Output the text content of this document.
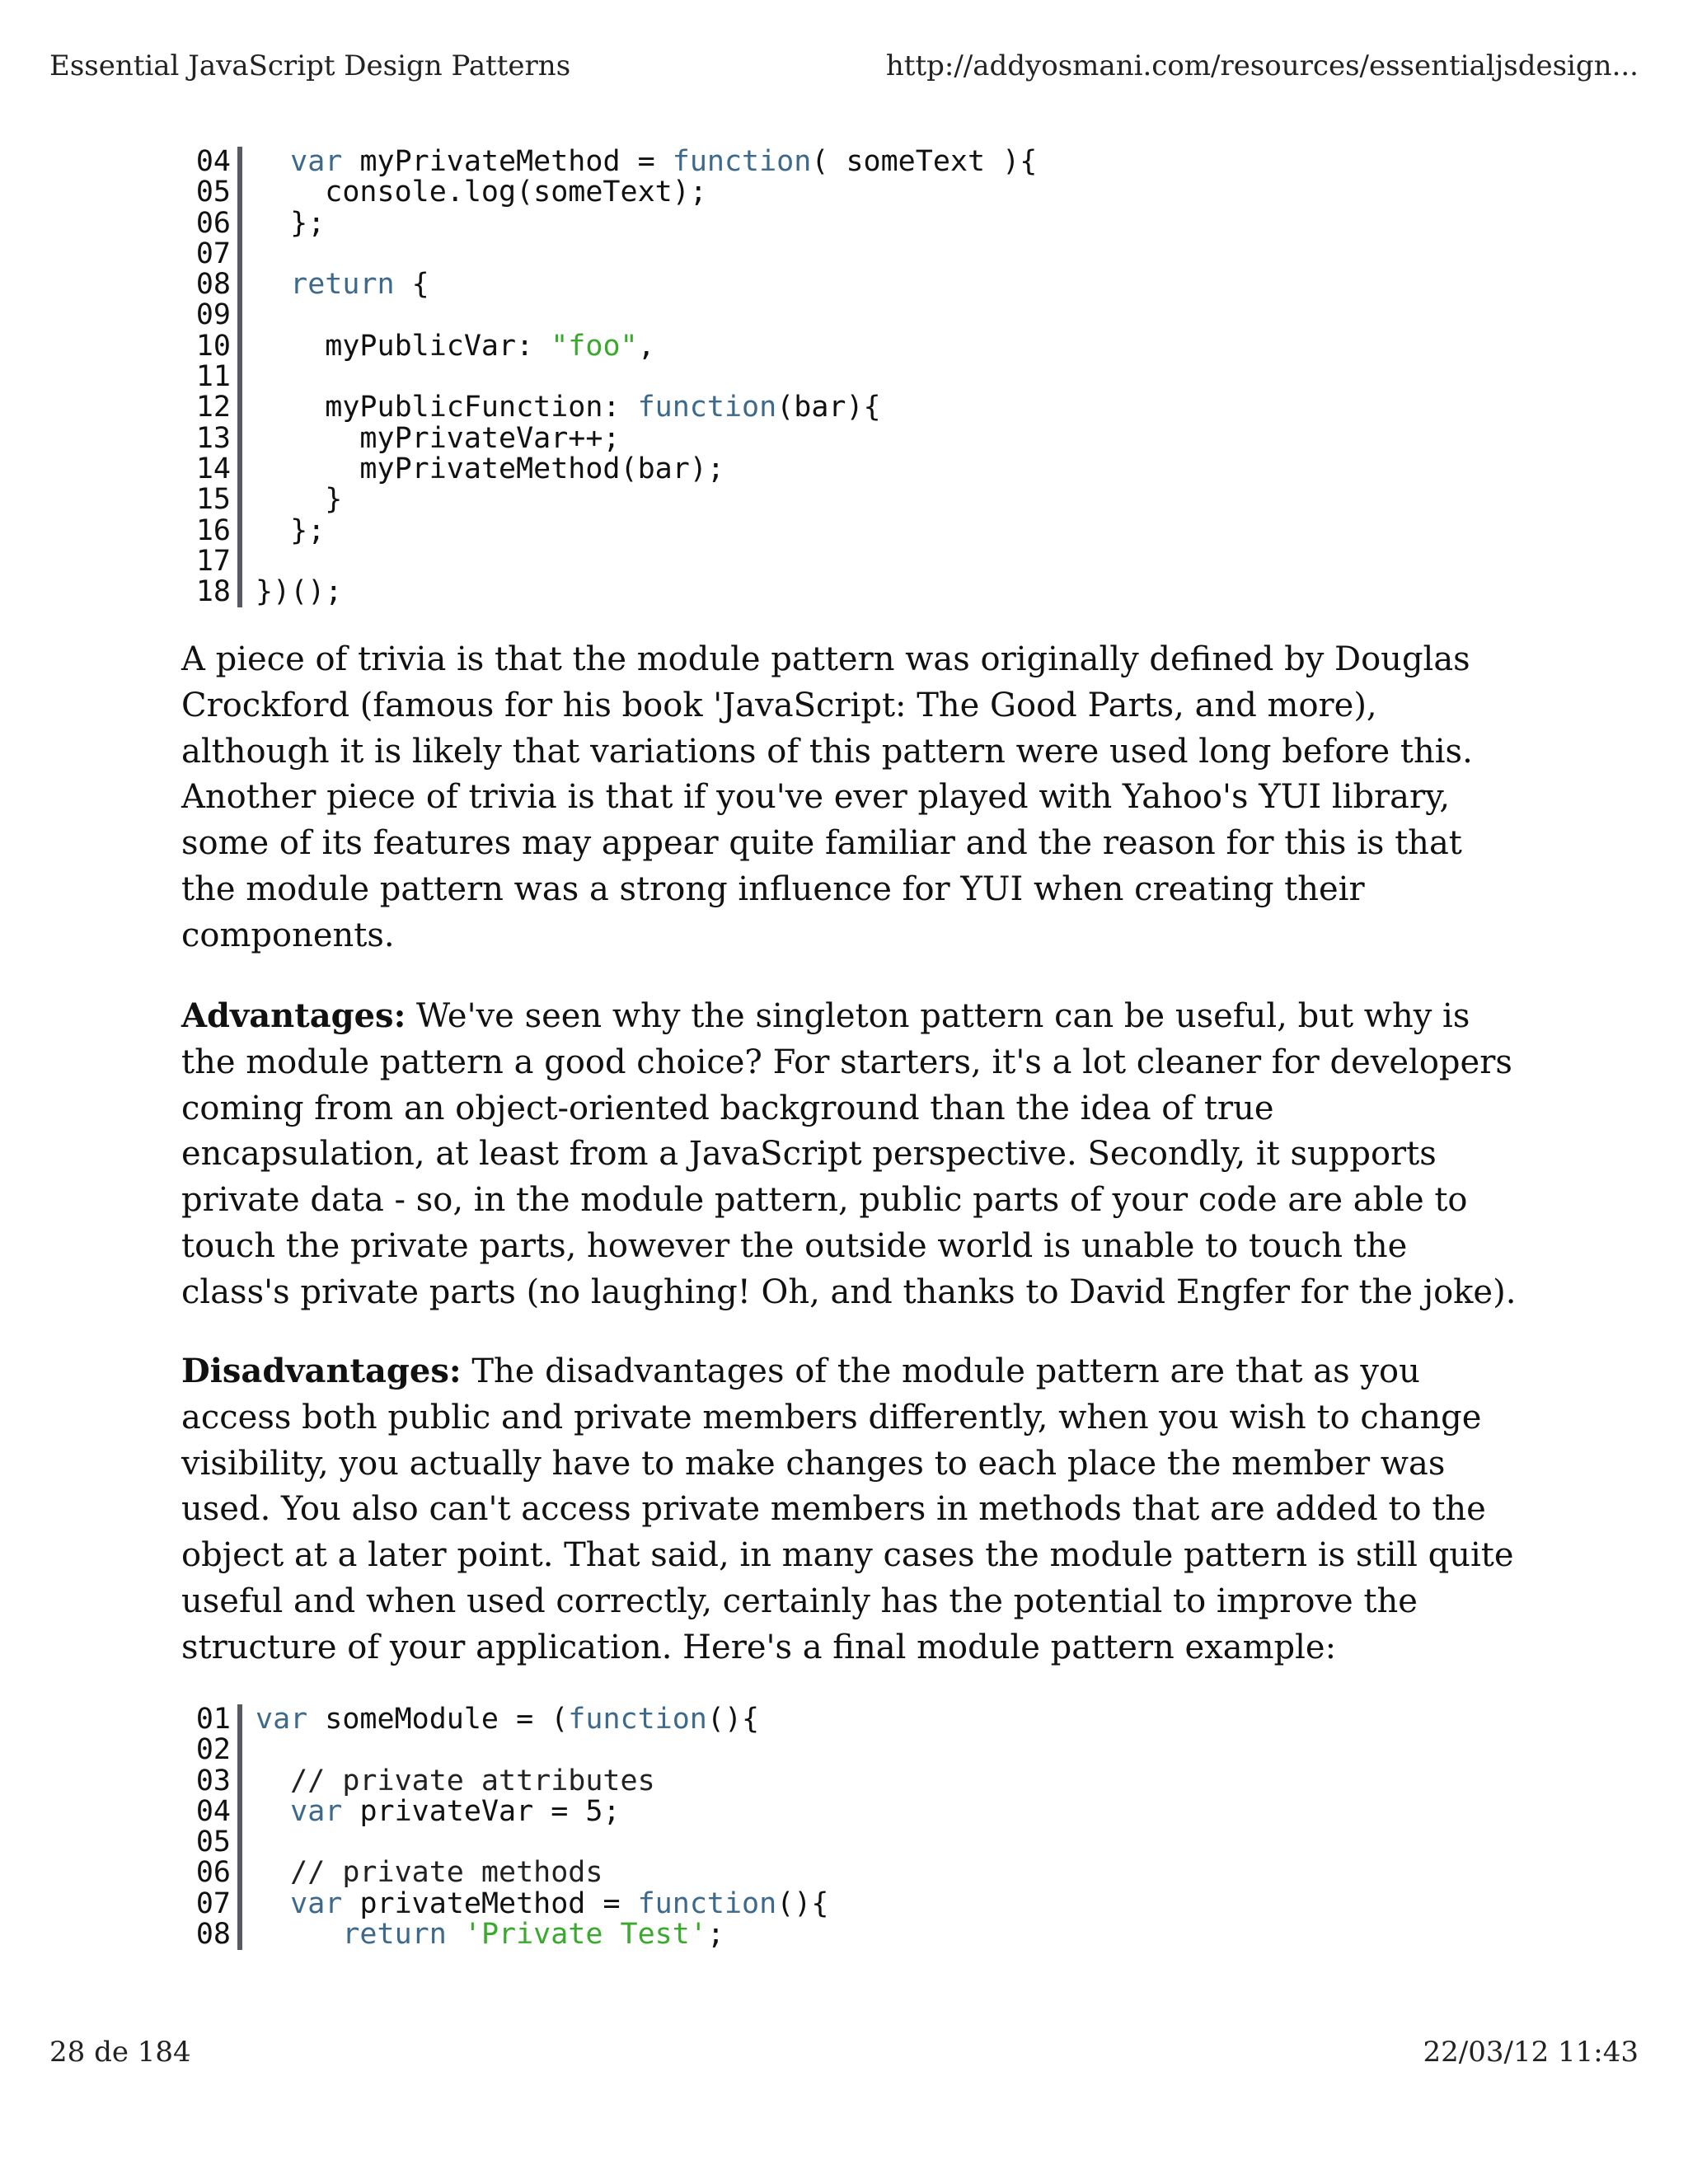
Essential JavaScript Design Patterns	http://addyosmani.com/resources/essentialjsdesign...
04	var myPrivateMethod = function( someText ){
05 console.log(someText);
06 };
07
08	return {
09
10 myPublicVar: "foo",
11
12 myPublicFunction: function(bar){
13 myPrivateVar++;
14 myPrivateMethod(bar);
15 }
16 };
17
18 })();

A piece of trivia is that the module pattern was originally defined by Douglas
Crockford (famous for his book 'JavaScript: The Good Parts, and more),
although it is likely that variations of this pattern were used long before this.
Another piece of trivia is that if you've ever played with Yahoo's YUI library,
some of its features may appear quite familiar and the reason for this is that
the module pattern was a strong influence for YUI when creating their
components.

Advantages: We've seen why the singleton pattern can be useful, but why is
the module pattern a good choice? For starters, it's a lot cleaner for developers
coming from an object-oriented background than the idea of true
encapsulation, at least from a JavaScript perspective. Secondly, it supports
private data - so, in the module pattern, public parts of your code are able to
touch the private parts, however the outside world is unable to touch the
class's private parts (no laughing! Oh, and thanks to David Engfer for the joke).

Disadvantages: The disadvantages of the module pattern are that as you
access both public and private members differently, when you wish to change
visibility, you actually have to make changes to each place the member was
used. You also can't access private members in methods that are added to the
object at a later point. That said, in many cases the module pattern is still quite
useful and when used correctly, certainly has the potential to improve the
structure of your application. Here's a final module pattern example:

01 var someModule = (function(){
02
03 // private attributes
04	var privateVar = 5;
05
06 // private methods
07	var privateMethod = function(){
08	return 'Private Test';
28 de 184	22/03/12 11:43
